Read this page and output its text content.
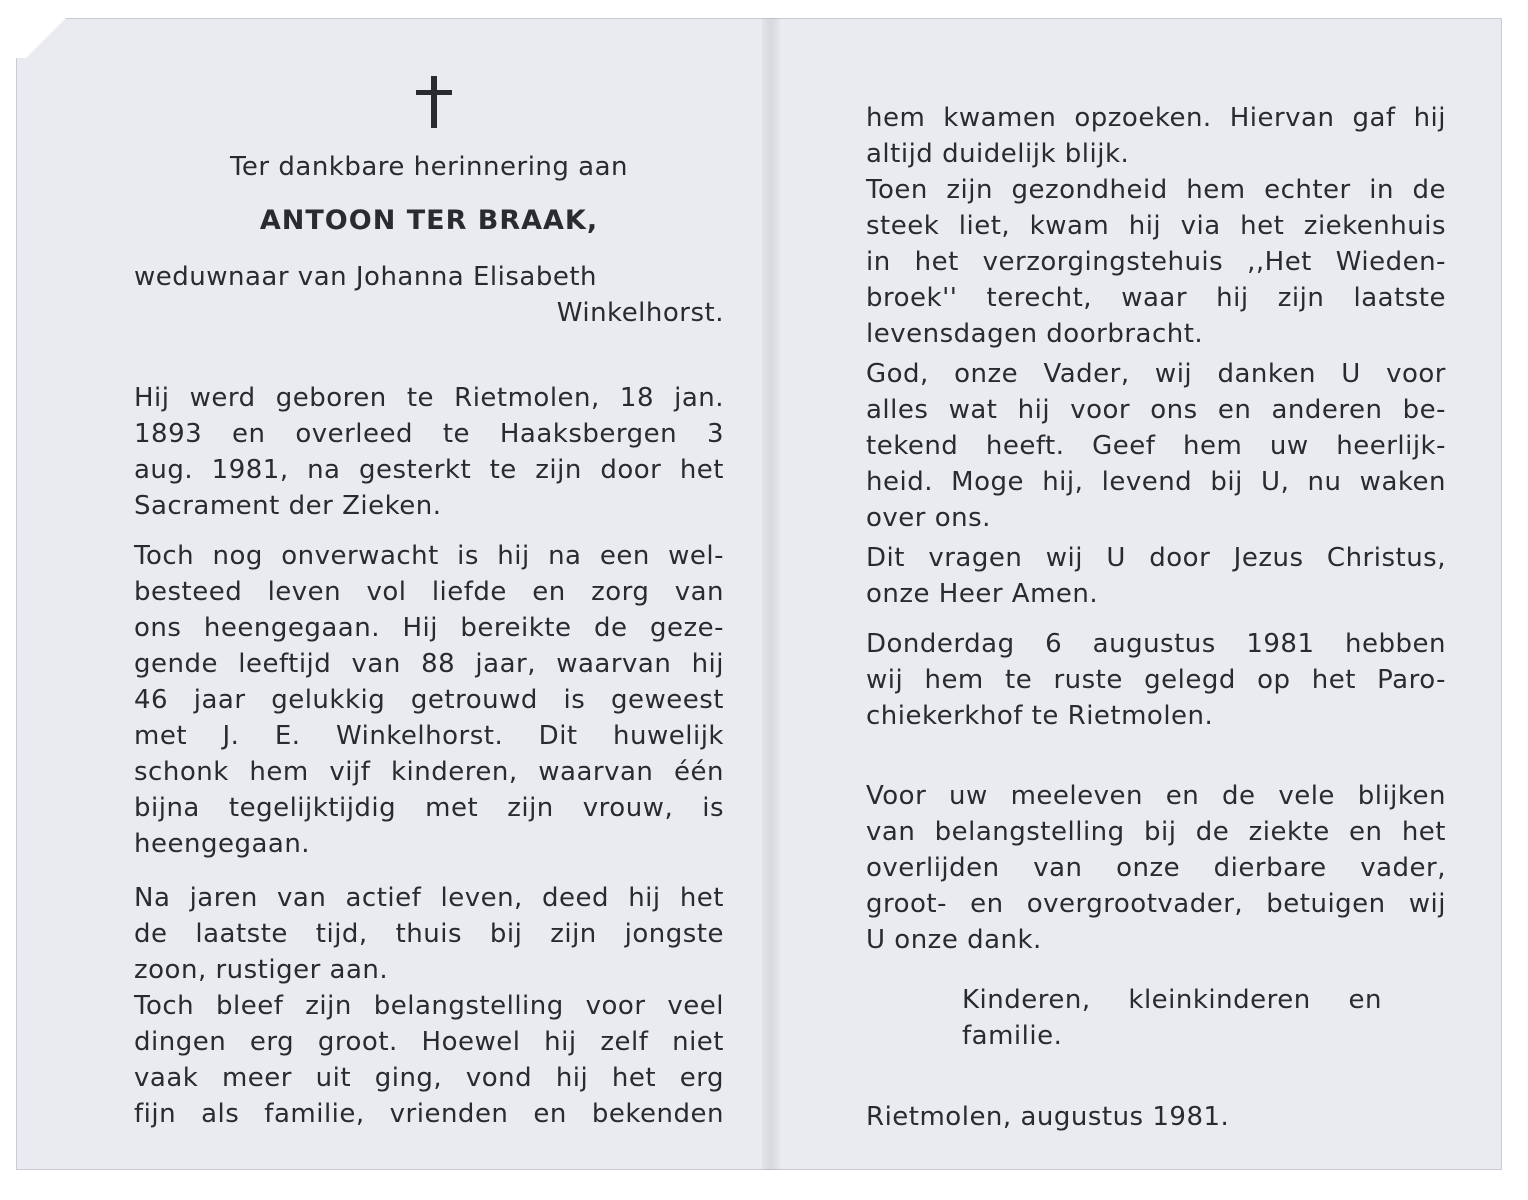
Ter dankbare herinnering aan
ANTOON TER BRAAK,
weduwnaar van Johanna Elisabeth
Winkelhorst.
Hij werd geboren te Rietmolen, 18 jan.
1893 en overleed te Haaksbergen 3
aug. 1981, na gesterkt te zijn door het
Sacrament der Zieken.
Toch nog onverwacht is hij na een wel-
besteed leven vol liefde en zorg van
ons heengegaan. Hij bereikte de geze-
gende leeftijd van 88 jaar, waarvan hij
46 jaar gelukkig getrouwd is geweest
met J. E. Winkelhorst. Dit huwelijk
schonk hem vijf kinderen, waarvan één
bijna tegelijktijdig met zijn vrouw, is
heengegaan.
Na jaren van actief leven, deed hij het
de laatste tijd, thuis bij zijn jongste
zoon, rustiger aan.
Toch bleef zijn belangstelling voor veel
dingen erg groot. Hoewel hij zelf niet
vaak meer uit ging, vond hij het erg
fijn als familie, vrienden en bekenden
hem kwamen opzoeken. Hiervan gaf hij
altijd duidelijk blijk.
Toen zijn gezondheid hem echter in de
steek liet, kwam hij via het ziekenhuis
in het verzorgingstehuis ,,Het Wieden-
broek'' terecht, waar hij zijn laatste
levensdagen doorbracht.
God, onze Vader, wij danken U voor
alles wat hij voor ons en anderen be-
tekend heeft. Geef hem uw heerlijk-
heid. Moge hij, levend bij U, nu waken
over ons.
Dit vragen wij U door Jezus Christus,
onze Heer Amen.
Donderdag 6 augustus 1981 hebben
wij hem te ruste gelegd op het Paro-
chiekerkhof te Rietmolen.
Voor uw meeleven en de vele blijken
van belangstelling bij de ziekte en het
overlijden van onze dierbare vader,
groot- en overgrootvader, betuigen wij
U onze dank.
Kinderen, kleinkinderen en
familie.
Rietmolen, augustus 1981.
